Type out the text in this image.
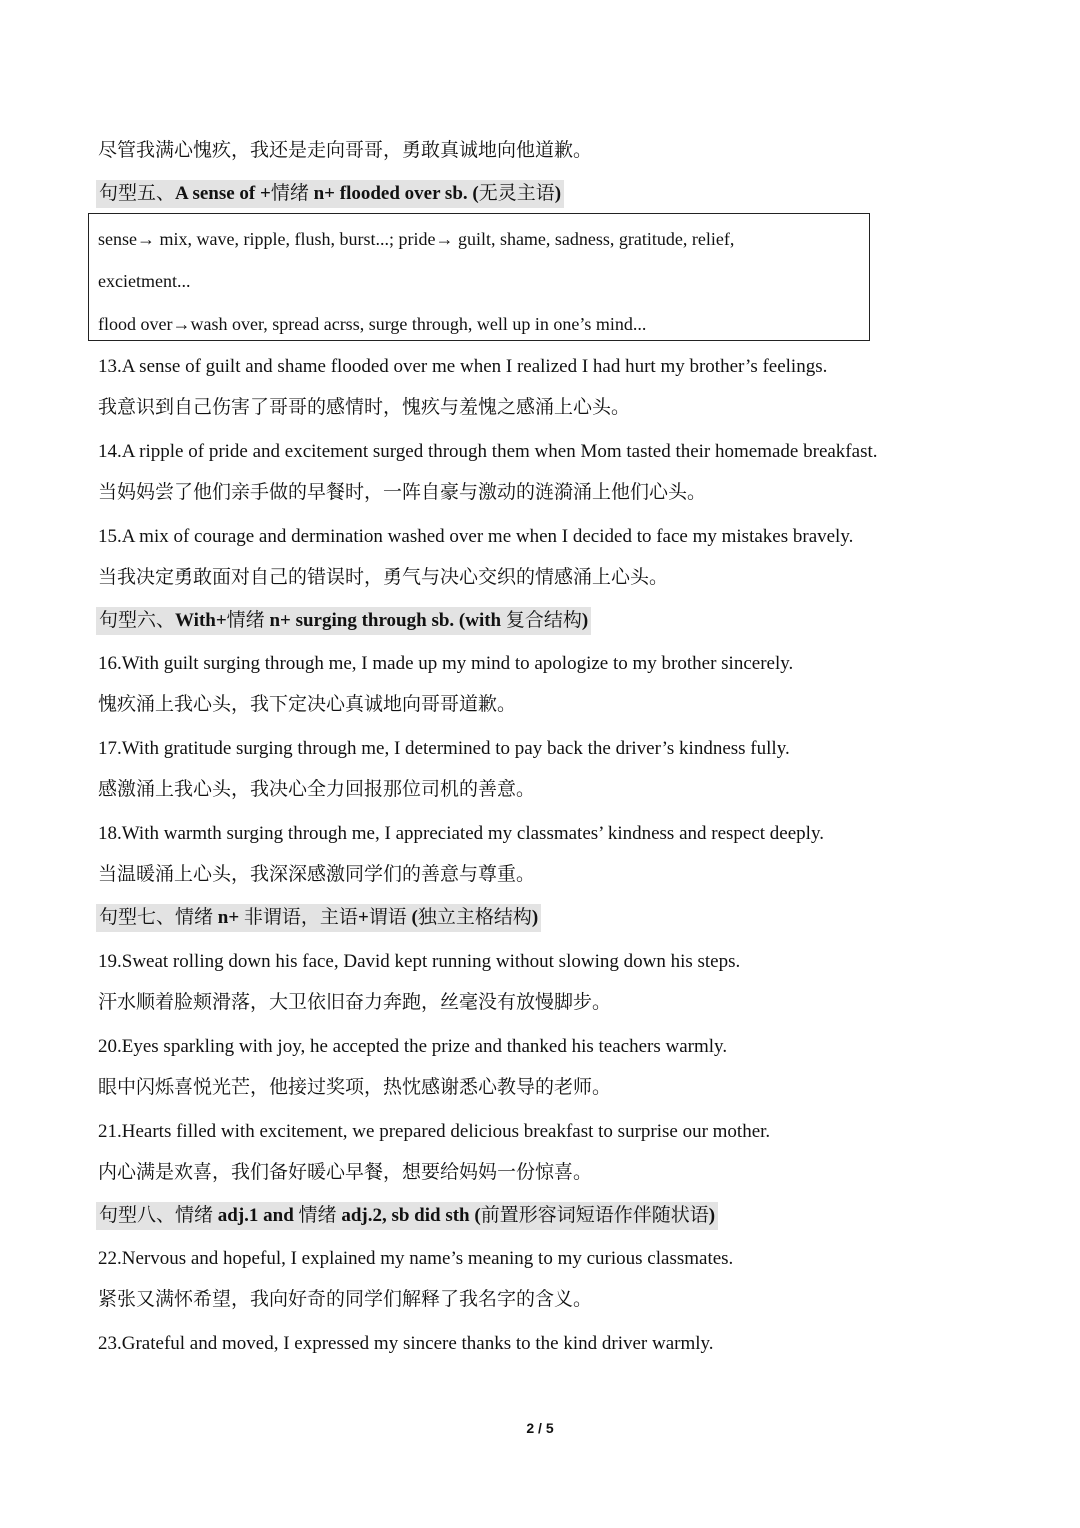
尽管我满心愧疚，我还是走向哥哥，勇敢真诚地向他道歉。
句型五、A sense of +情绪 n+ flooded over sb. (无灵主语)
sense→ mix, wave, ripple, flush, burst...; pride→ guilt, shame, sadness, gratitude, relief,
excietment...
flood over→wash over, spread acrss, surge through, well up in one’s mind...
13.A sense of guilt and shame flooded over me when I realized I had hurt my brother’s feelings.
我意识到自己伤害了哥哥的感情时，愧疚与羞愧之感涌上心头。
14.A ripple of pride and excitement surged through them when Mom tasted their homemade breakfast.
当妈妈尝了他们亲手做的早餐时，一阵自豪与激动的涟漪涌上他们心头。
15.A mix of courage and dermination washed over me when I decided to face my mistakes bravely.
当我决定勇敢面对自己的错误时，勇气与决心交织的情感涌上心头。
句型六、With+情绪 n+ surging through sb. (with 复合结构)
16.With guilt surging through me, I made up my mind to apologize to my brother sincerely.
愧疚涌上我心头，我下定决心真诚地向哥哥道歉。
17.With gratitude surging through me, I determined to pay back the driver’s kindness fully.
感激涌上我心头，我决心全力回报那位司机的善意。
18.With warmth surging through me, I appreciated my classmates’ kindness and respect deeply.
当温暖涌上心头，我深深感激同学们的善意与尊重。
句型七、情绪 n+ 非谓语，主语+谓语 (独立主格结构)
19.Sweat rolling down his face, David kept running without slowing down his steps.
汗水顺着脸颊滑落，大卫依旧奋力奔跑，丝毫没有放慢脚步。
20.Eyes sparkling with joy, he accepted the prize and thanked his teachers warmly.
眼中闪烁喜悦光芒，他接过奖项，热忱感谢悉心教导的老师。
21.Hearts filled with excitement, we prepared delicious breakfast to surprise our mother.
内心满是欢喜，我们备好暖心早餐，想要给妈妈一份惊喜。
句型八、情绪 adj.1 and 情绪 adj.2, sb did sth (前置形容词短语作伴随状语)
22.Nervous and hopeful, I explained my name’s meaning to my curious classmates.
紧张又满怀希望，我向好奇的同学们解释了我名字的含义。
23.Grateful and moved, I expressed my sincere thanks to the kind driver warmly.
2 / 5
